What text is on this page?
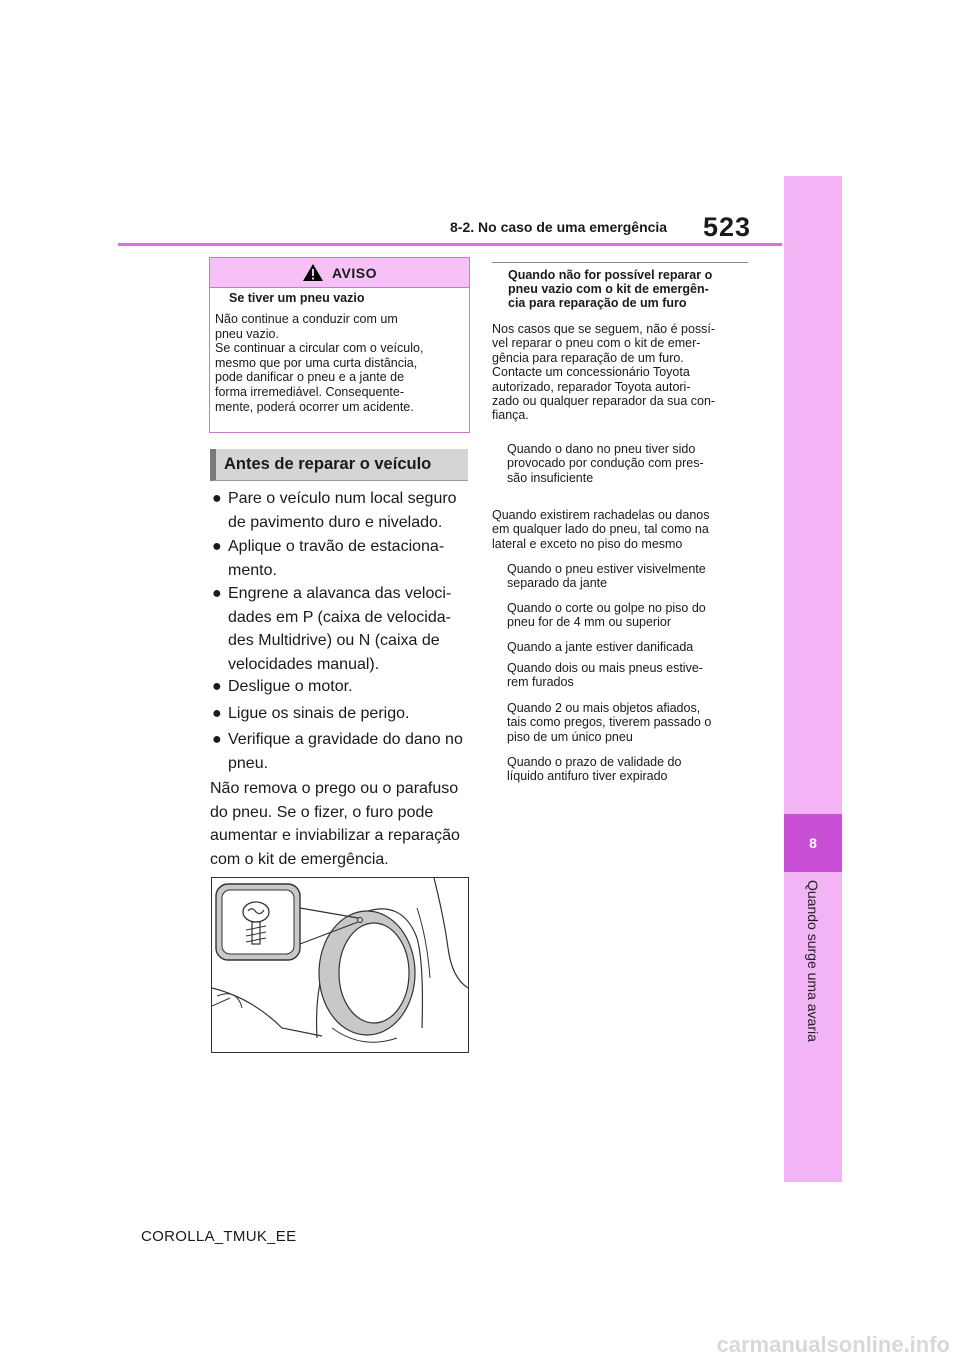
8-2. No caso de uma emergência 523
8
Quando surge uma avaria
AVISO
Se tiver um pneu vazio
Não continue a conduzir com um
pneu vazio.
Se continuar a circular com o veículo,
mesmo que por uma curta distância,
pode danificar o pneu e a jante de
forma irremediável. Consequente-
mente, poderá ocorrer um acidente.
Antes de reparar o veículo
● Pare o veículo num local seguro
de pavimento duro e nivelado.
● Aplique o travão de estaciona-
mento.
● Engrene a alavanca das veloci-
dades em P (caixa de velocida-
des Multidrive) ou N (caixa de
velocidades manual).
● Desligue o motor.
● Ligue os sinais de perigo.
● Verifique a gravidade do dano no
pneu.
Não remova o prego ou o parafuso
do pneu. Se o fizer, o furo pode
aumentar e inviabilizar a reparação
com o kit de emergência.
Quando não for possível reparar o
pneu vazio com o kit de emergên-
cia para reparação de um furo
Nos casos que se seguem, não é possí-
vel reparar o pneu com o kit de emer-
gência para reparação de um furo.
Contacte um concessionário Toyota
autorizado, reparador Toyota autori-
zado ou qualquer reparador da sua con-
fiança.
Quando o dano no pneu tiver sido
provocado por condução com pres-
são insuficiente
Quando existirem rachadelas ou danos
em qualquer lado do pneu, tal como na
lateral e exceto no piso do mesmo
Quando o pneu estiver visivelmente
separado da jante
Quando o corte ou golpe no piso do
pneu for de 4 mm ou superior
Quando a jante estiver danificada
Quando dois ou mais pneus estive-
rem furados
Quando 2 ou mais objetos afiados,
tais como pregos, tiverem passado o
piso de um único pneu
Quando o prazo de validade do
líquido antifuro tiver expirado
COROLLA_TMUK_EE
carmanualsonline.info
